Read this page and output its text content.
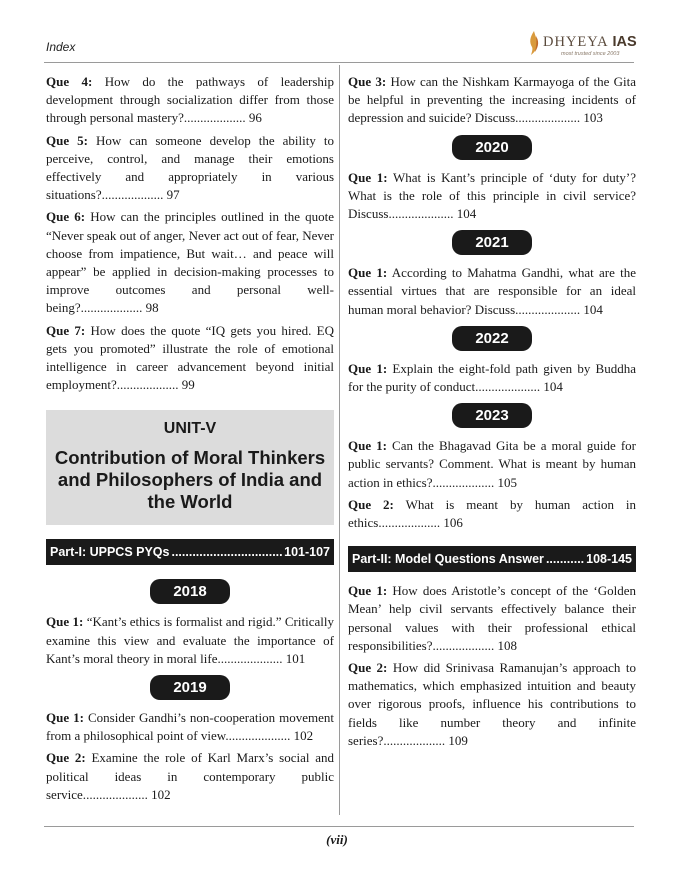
Index	DHYEYA IAS
most trusted since 2003

Que 4: How do the pathways of leadership development through socialization differ from those through personal mastery?................... 96

Que 5: How can someone develop the ability to perceive, control, and manage their emotions effectively and appropriately in various situations?................... 97

Que 6: How can the principles outlined in the quote “Never speak out of anger, Never act out of fear, Never choose from impatience, But wait… and peace will appear” be applied in decision-making processes to improve outcomes and personal well-being?................... 98

Que 7: How does the quote “IQ gets you hired. EQ gets you promoted” illustrate the role of emotional intelligence in career advancement beyond initial employment?................... 99

UNIT-V
Contribution of Moral Thinkers and Philosophers of India and the World
Part-I: UPPCS PYQs .....	101-107
2018

Que 1: “Kant’s ethics is formalist and rigid.” Critically examine this view and evaluate the importance of Kant’s moral theory in moral life.................... 101

2019

Que 1: Consider Gandhi’s non-cooperation movement from a philosophical point of view.................... 102

Que 2: Examine the role of Karl Marx’s social and political ideas in contemporary public service.................... 102

Que 3: How can the Nishkam Karmayoga of the Gita be helpful in preventing the increasing incidents of depression and suicide? Discuss.................... 103

2020

Que 1: What is Kant’s principle of ‘duty for duty’? What is the role of this principle in civil service? Discuss.................... 104

2021

Que 1: According to Mahatma Gandhi, what are the essential virtues that are responsible for an ideal human moral behavior? Discuss.................... 104

2022

Que 1: Explain the eight-fold path given by Buddha for the purity of conduct.................... 104

2023

Que 1: Can the Bhagavad Gita be a moral guide for public servants? Comment. What is meant by human action in ethics?................... 105

Que 2: What is meant by human action in ethics................... 106

Part-II: Model Questions Answer .....	108-145

Que 1: How does Aristotle’s concept of the ‘Golden Mean’ help civil servants effectively balance their personal values with their professional ethical responsibilities?................... 108

Que 2: How did Srinivasa Ramanujan’s approach to mathematics, which emphasized intuition and beauty over rigorous proofs, influence his contributions to fields like number theory and infinite series?................... 109

(vii)
